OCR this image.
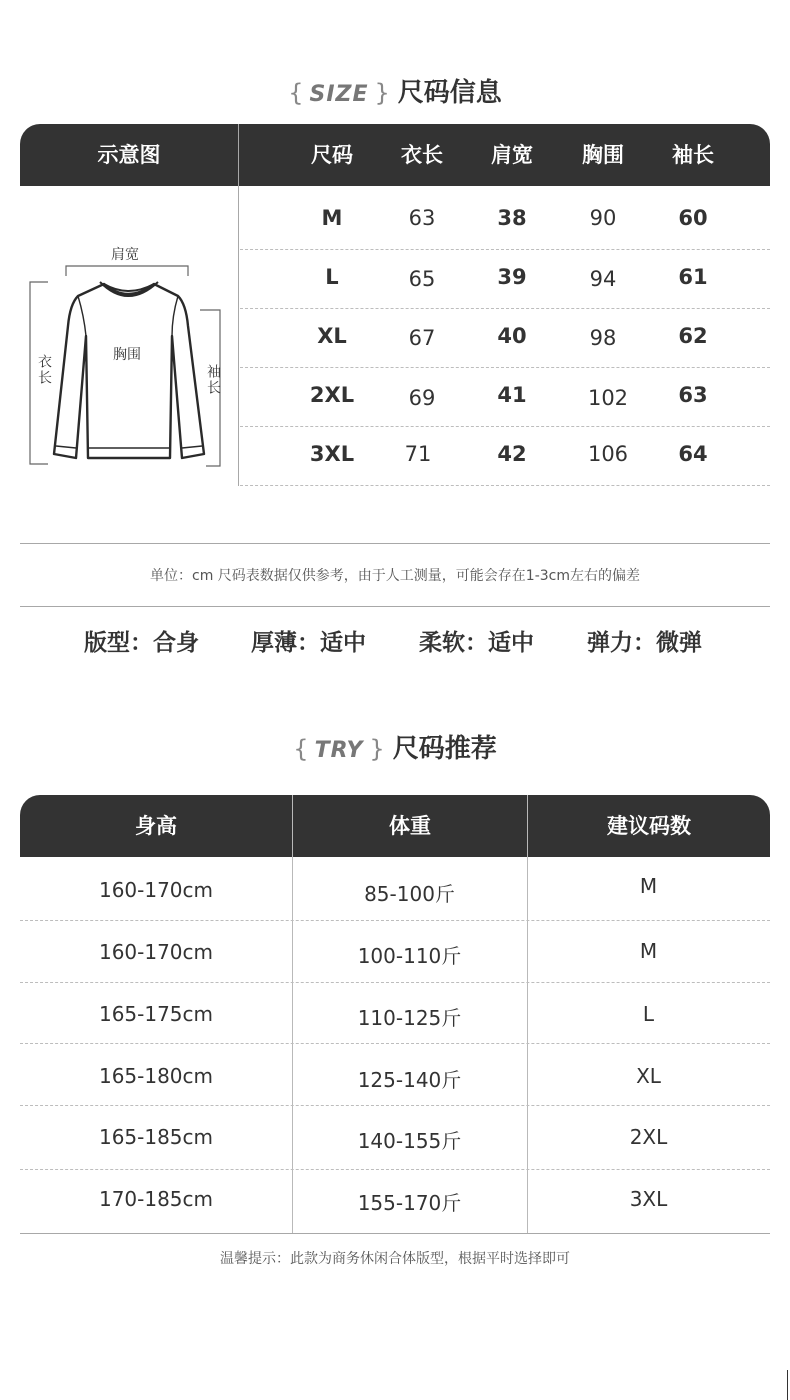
{ SIZE } 尺码信息
示意图	尺码	衣长	肩宽	胸围	袖长
肩宽
胸围
衣长	袖长
M	63	38	90	60
L	65	39	94	61
XL	67	40	98	62
2XL	69	41	102	63
3XL	71	42	106	64
单位：cm 尺码表数据仅供参考，由于人工测量，可能会存在1-3cm左右的偏差
版型：合身 厚薄：适中 柔软：适中 弹力：微弹
{ TRY } 尺码推荐
身高	体重	建议码数
160-170cm	85-100斤	M
160-170cm	100-110斤	M
165-175cm	110-125斤	L
165-180cm	125-140斤	XL
165-185cm	140-155斤	2XL
170-185cm	155-170斤	3XL
温馨提示：此款为商务休闲合体版型，根据平时选择即可
